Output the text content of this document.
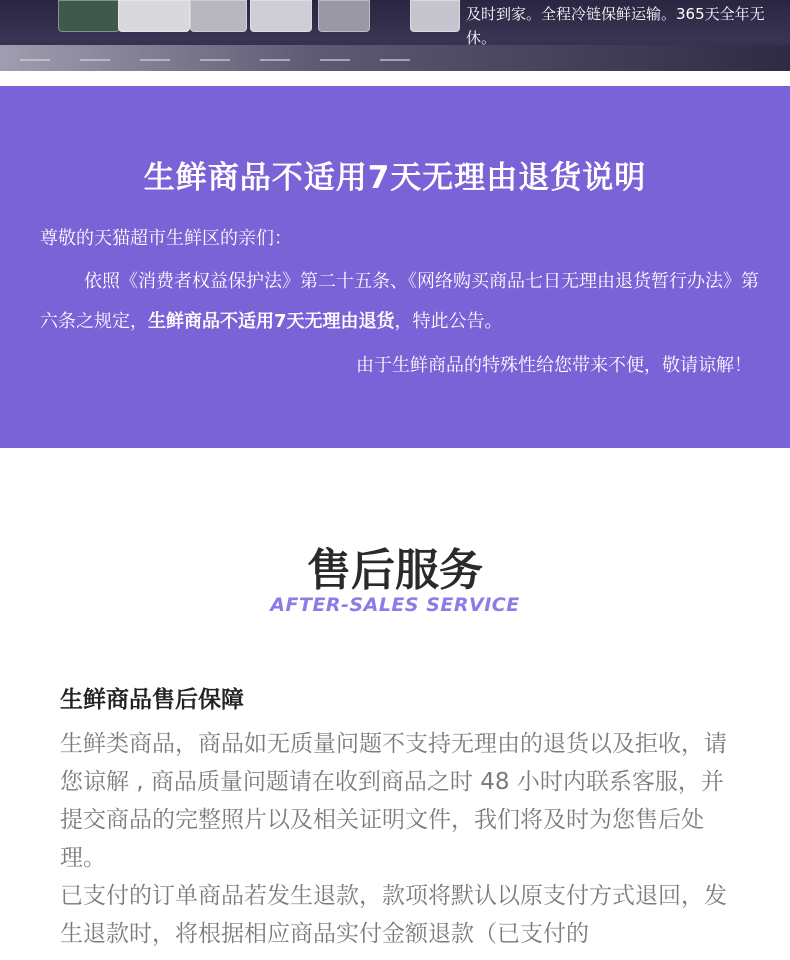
及时到家。全程冷链保鲜运输。365天全年无休。
生鲜商品不适用7天无理由退货说明
尊敬的天猫超市生鲜区的亲们：
依照《消费者权益保护法》第二十五条、《网络购买商品七日无理由退货暂行办法》第六条之规定，生鲜商品不适用7天无理由退货，特此公告。
由于生鲜商品的特殊性给您带来不便，敬请谅解！
售后服务
AFTER-SALES SERVICE
生鲜商品售后保障

生鲜类商品，商品如无质量问题不支持无理由的退货以及拒收，请您谅解 , 商品质量问题请在收到商品之时 48 小时内联系客服，并提交商品的完整照片以及相关证明文件，我们将及时为您售后处理。

已支付的订单商品若发生退款，款项将默认以原支付方式退回，发生退款时，将根据相应商品实付金额退款（已支付的
